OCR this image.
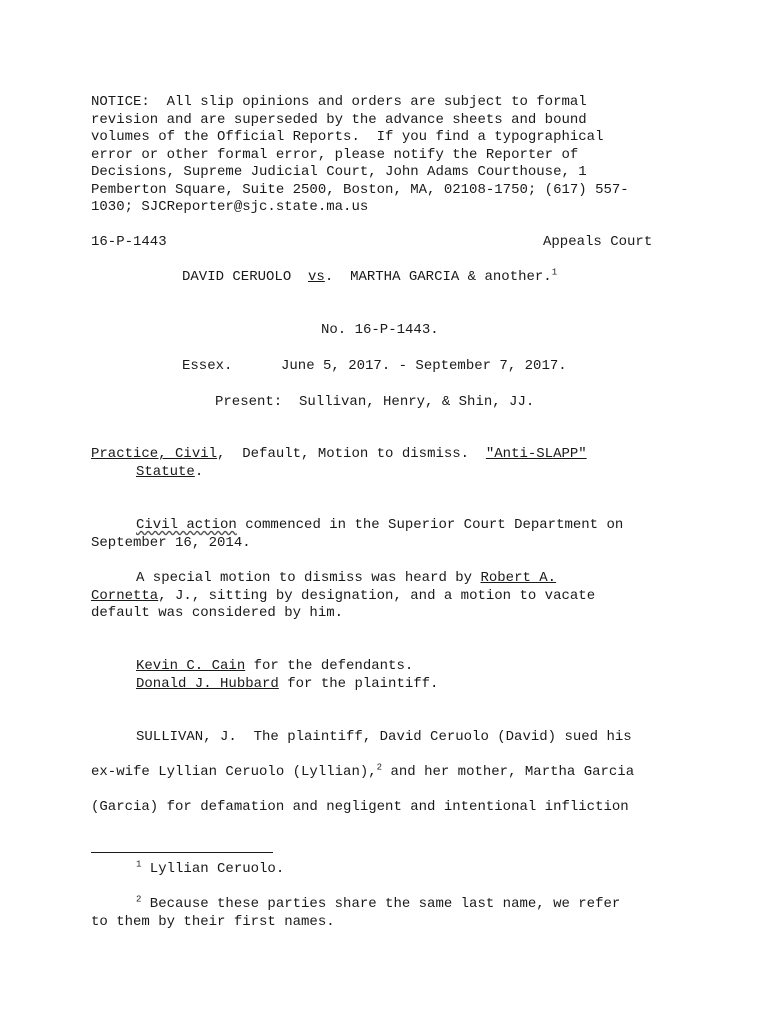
NOTICE:  All slip opinions and orders are subject to formal
revision and are superseded by the advance sheets and bound
volumes of the Official Reports.  If you find a typographical
error or other formal error, please notify the Reporter of
Decisions, Supreme Judicial Court, John Adams Courthouse, 1
Pemberton Square, Suite 2500, Boston, MA, 02108-1750; (617) 557-
1030; SJCReporter@sjc.state.ma.us
16-P-1443	Appeals Court
DAVID CERUOLO vs. MARTHA GARCIA & another.$^1$
No. 16-P-1443.
Essex.	June 5, 2017. - September 7, 2017.
Present:  Sullivan, Henry, & Shin, JJ.
Practice, Civil,  Default, Motion to dismiss.  "Anti-SLAPP"
Statute.
Civil action commenced in the Superior Court Department on
September 16, 2014.
A special motion to dismiss was heard by Robert A.
Cornetta, J., sitting by designation, and a motion to vacate
default was considered by him.
Kevin C. Cain for the defendants.
Donald J. Hubbard for the plaintiff.
SULLIVAN, J.  The plaintiff, David Ceruolo (David) sued his
ex-wife Lyllian Ceruolo (Lyllian),$^2$ and her mother, Martha Garcia
(Garcia) for defamation and negligent and intentional infliction
$^1$ Lyllian Ceruolo.
$^2$ Because these parties share the same last name, we refer
to them by their first names.
